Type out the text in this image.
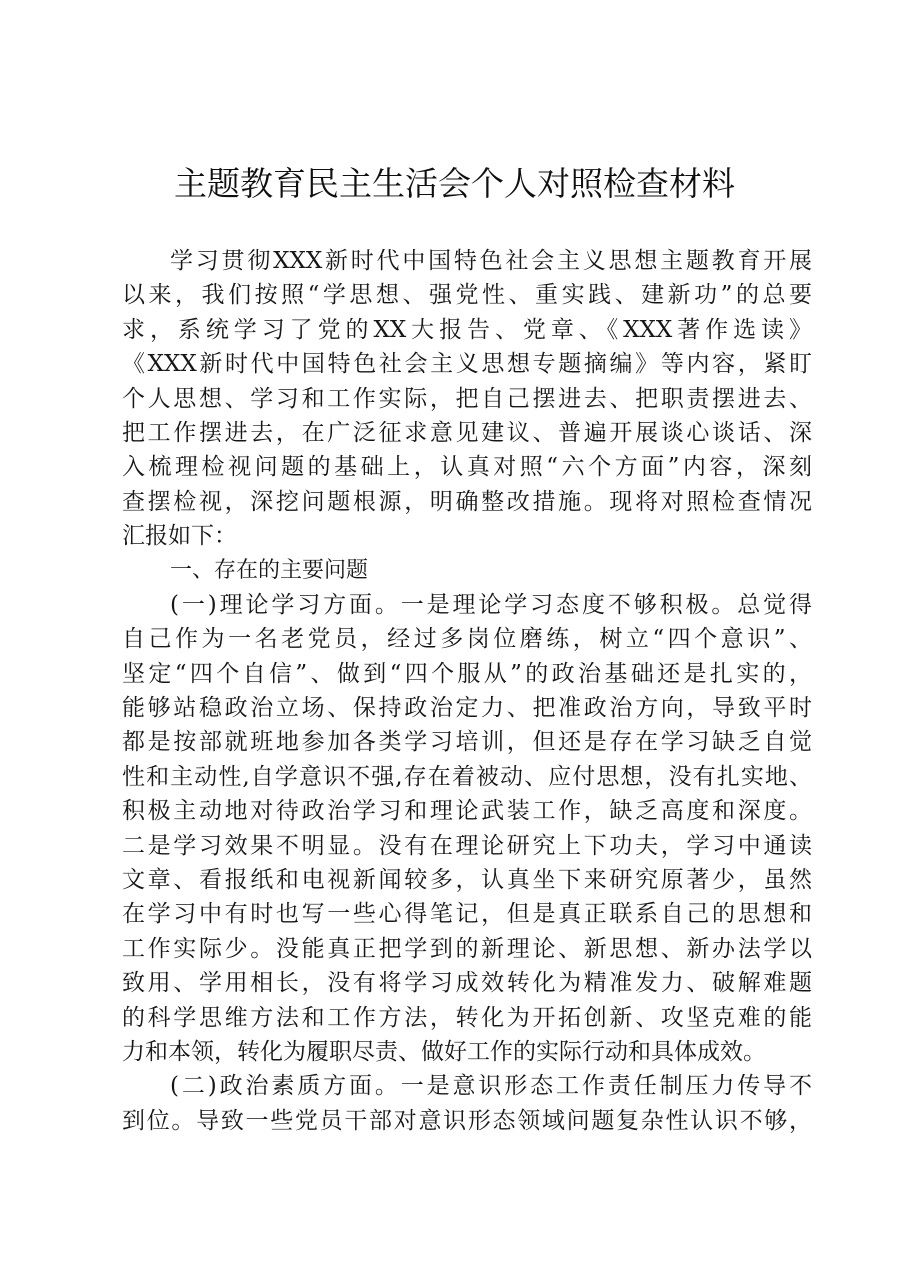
主题教育民主生活会个人对照检查材料
学习贯彻XXX新时代中国特色社会主义思想主题教育开展
以来，我们按照“学思想、强党性、重实践、建新功”的总要
求，系统学习了党的XX大报告、党章、《XXX著作选读》
《XXX新时代中国特色社会主义思想专题摘编》等内容，紧盯
个人思想、学习和工作实际，把自己摆进去、把职责摆进去、
把工作摆进去，在广泛征求意见建议、普遍开展谈心谈话、深
入梳理检视问题的基础上，认真对照“六个方面”内容，深刻
查摆检视，深挖问题根源，明确整改措施。现将对照检查情况
汇报如下：
一、存在的主要问题
(一)理论学习方面。一是理论学习态度不够积极。总觉得
自己作为一名老党员，经过多岗位磨练，树立“四个意识”、
坚定“四个自信”、做到“四个服从”的政治基础还是扎实的，
能够站稳政治立场、保持政治定力、把准政治方向，导致平时
都是按部就班地参加各类学习培训，但还是存在学习缺乏自觉
性和主动性,自学意识不强,存在着被动、应付思想，没有扎实地、
积极主动地对待政治学习和理论武装工作，缺乏高度和深度。
二是学习效果不明显。没有在理论研究上下功夫，学习中通读
文章、看报纸和电视新闻较多，认真坐下来研究原著少，虽然
在学习中有时也写一些心得笔记，但是真正联系自己的思想和
工作实际少。没能真正把学到的新理论、新思想、新办法学以
致用、学用相长，没有将学习成效转化为精准发力、破解难题
的科学思维方法和工作方法，转化为开拓创新、攻坚克难的能
力和本领，转化为履职尽责、做好工作的实际行动和具体成效。
(二)政治素质方面。一是意识形态工作责任制压力传导不
到位。导致一些党员干部对意识形态领域问题复杂性认识不够，
